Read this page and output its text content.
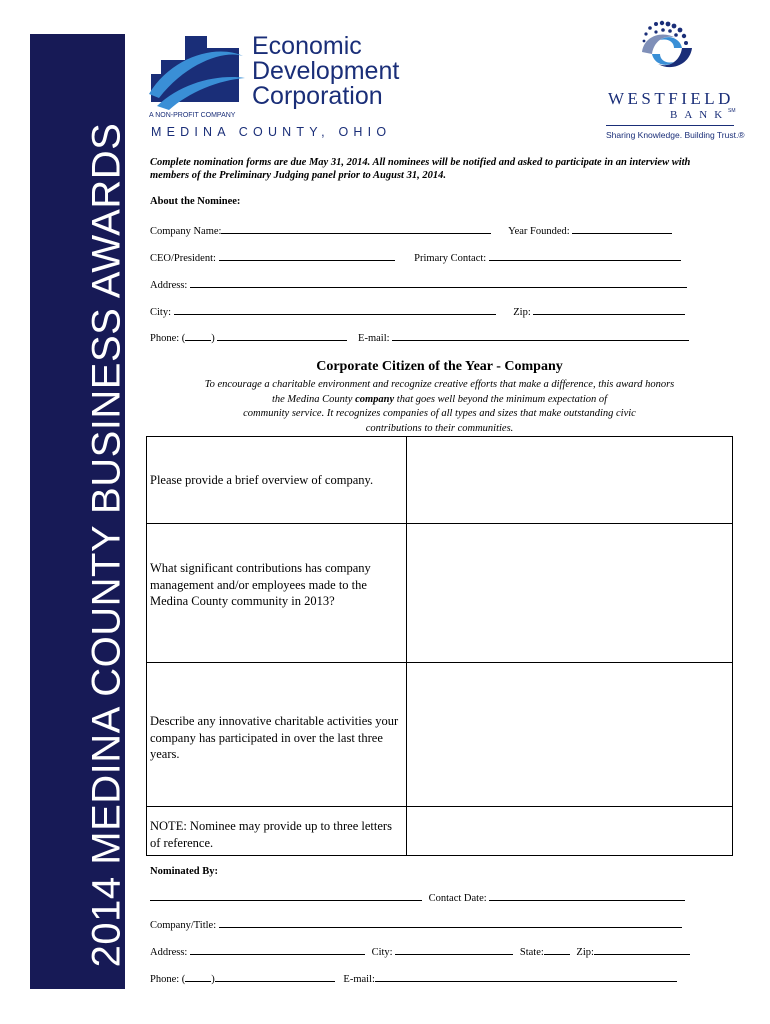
2014 MEDINA COUNTY BUSINESS AWARDS
Economic
Development
Corporation
A NON-PROFIT COMPANY
MEDINA COUNTY, OHIO
WESTFIELD
BANK
SM
Sharing Knowledge. Building Trust.®
Complete nomination forms are due May 31, 2014. All nominees will be notified and asked to participate in an interview with members of the Preliminary Judging panel prior to August 31, 2014.
About the Nominee:
Company Name:	Year Founded:
CEO/President:	Primary Contact:
Address:
City:	Zip:
Phone: ( )	E-mail:
Corporate Citizen of the Year - Company
To encourage a charitable environment and recognize creative efforts that make a difference, this award honors
the Medina County company that goes well beyond the minimum expectation of
community service. It recognizes companies of all types and sizes that make outstanding civic
contributions to their communities.
Please provide a brief overview of company.
What significant contributions has company management and/or employees made to the Medina County community in 2013?
Describe any innovative charitable activities your company has participated in over the last three years.
NOTE: Nominee may provide up to three letters of reference.
Nominated By:
Contact Date:
Company/Title:
Address:	City:	State:	Zip:
Phone: ( )	E-mail:
